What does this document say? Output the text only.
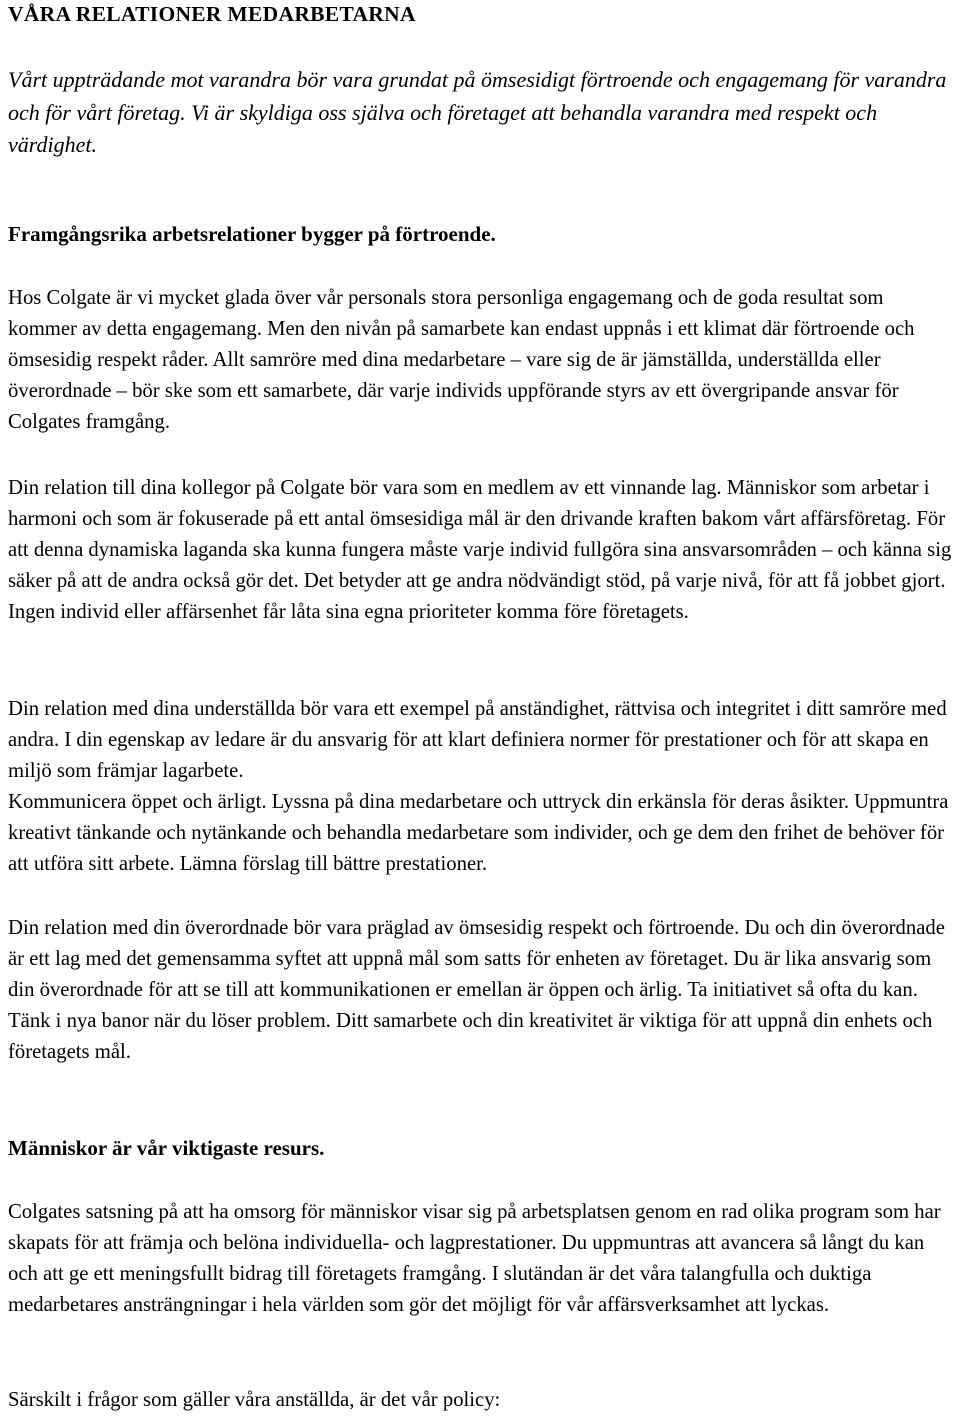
VÅRA RELATIONER MEDARBETARNA
Vårt uppträdande mot varandra bör vara grundat på ömsesidigt förtroende och engagemang för varandra och för vårt företag. Vi är skyldiga oss själva och företaget att behandla varandra med respekt och värdighet.
Framgångsrika arbetsrelationer bygger på förtroende.
Hos Colgate är vi mycket glada över vår personals stora personliga engagemang och de goda resultat som kommer av detta engagemang. Men den nivån på samarbete kan endast uppnås i ett klimat där förtroende och ömsesidig respekt råder. Allt samröre med dina medarbetare – vare sig de är jämställda, underställda eller överordnade – bör ske som ett samarbete, där varje individs uppförande styrs av ett övergripande ansvar för Colgates framgång.
Din relation till dina kollegor på Colgate bör vara som en medlem av ett vinnande lag. Människor som arbetar i harmoni och som är fokuserade på ett antal ömsesidiga mål är den drivande kraften bakom vårt affärsföretag. För att denna dynamiska laganda ska kunna fungera måste varje individ fullgöra sina ansvarsområden – och känna sig säker på att de andra också gör det. Det betyder att ge andra nödvändigt stöd, på varje nivå, för att få jobbet gjort. Ingen individ eller affärsenhet får låta sina egna prioriteter komma före företagets.
Din relation med dina underställda bör vara ett exempel på anständighet, rättvisa och integritet i ditt samröre med andra. I din egenskap av ledare är du ansvarig för att klart definiera normer för prestationer och för att skapa en miljö som främjar lagarbete.
Kommunicera öppet och ärligt. Lyssna på dina medarbetare och uttryck din erkänsla för deras åsikter. Uppmuntra kreativt tänkande och nytänkande och behandla medarbetare som individer, och ge dem den frihet de behöver för att utföra sitt arbete. Lämna förslag till bättre prestationer.
Din relation med din överordnade bör vara präglad av ömsesidig respekt och förtroende. Du och din överordnade är ett lag med det gemensamma syftet att uppnå mål som satts för enheten av företaget. Du är lika ansvarig som din överordnade för att se till att kommunikationen er emellan är öppen och ärlig. Ta initiativet så ofta du kan. Tänk i nya banor när du löser problem. Ditt samarbete och din kreativitet är viktiga för att uppnå din enhets och företagets mål.
Människor är vår viktigaste resurs.
Colgates satsning på att ha omsorg för människor visar sig på arbetsplatsen genom en rad olika program som har skapats för att främja och belöna individuella- och lagprestationer. Du uppmuntras att avancera så långt du kan och att ge ett meningsfullt bidrag till företagets framgång. I slutändan är det våra talangfulla och duktiga medarbetares ansträngningar i hela världen som gör det möjligt för vår affärsverksamhet att lyckas.
Särskilt i frågor som gäller våra anställda, är det vår policy:
